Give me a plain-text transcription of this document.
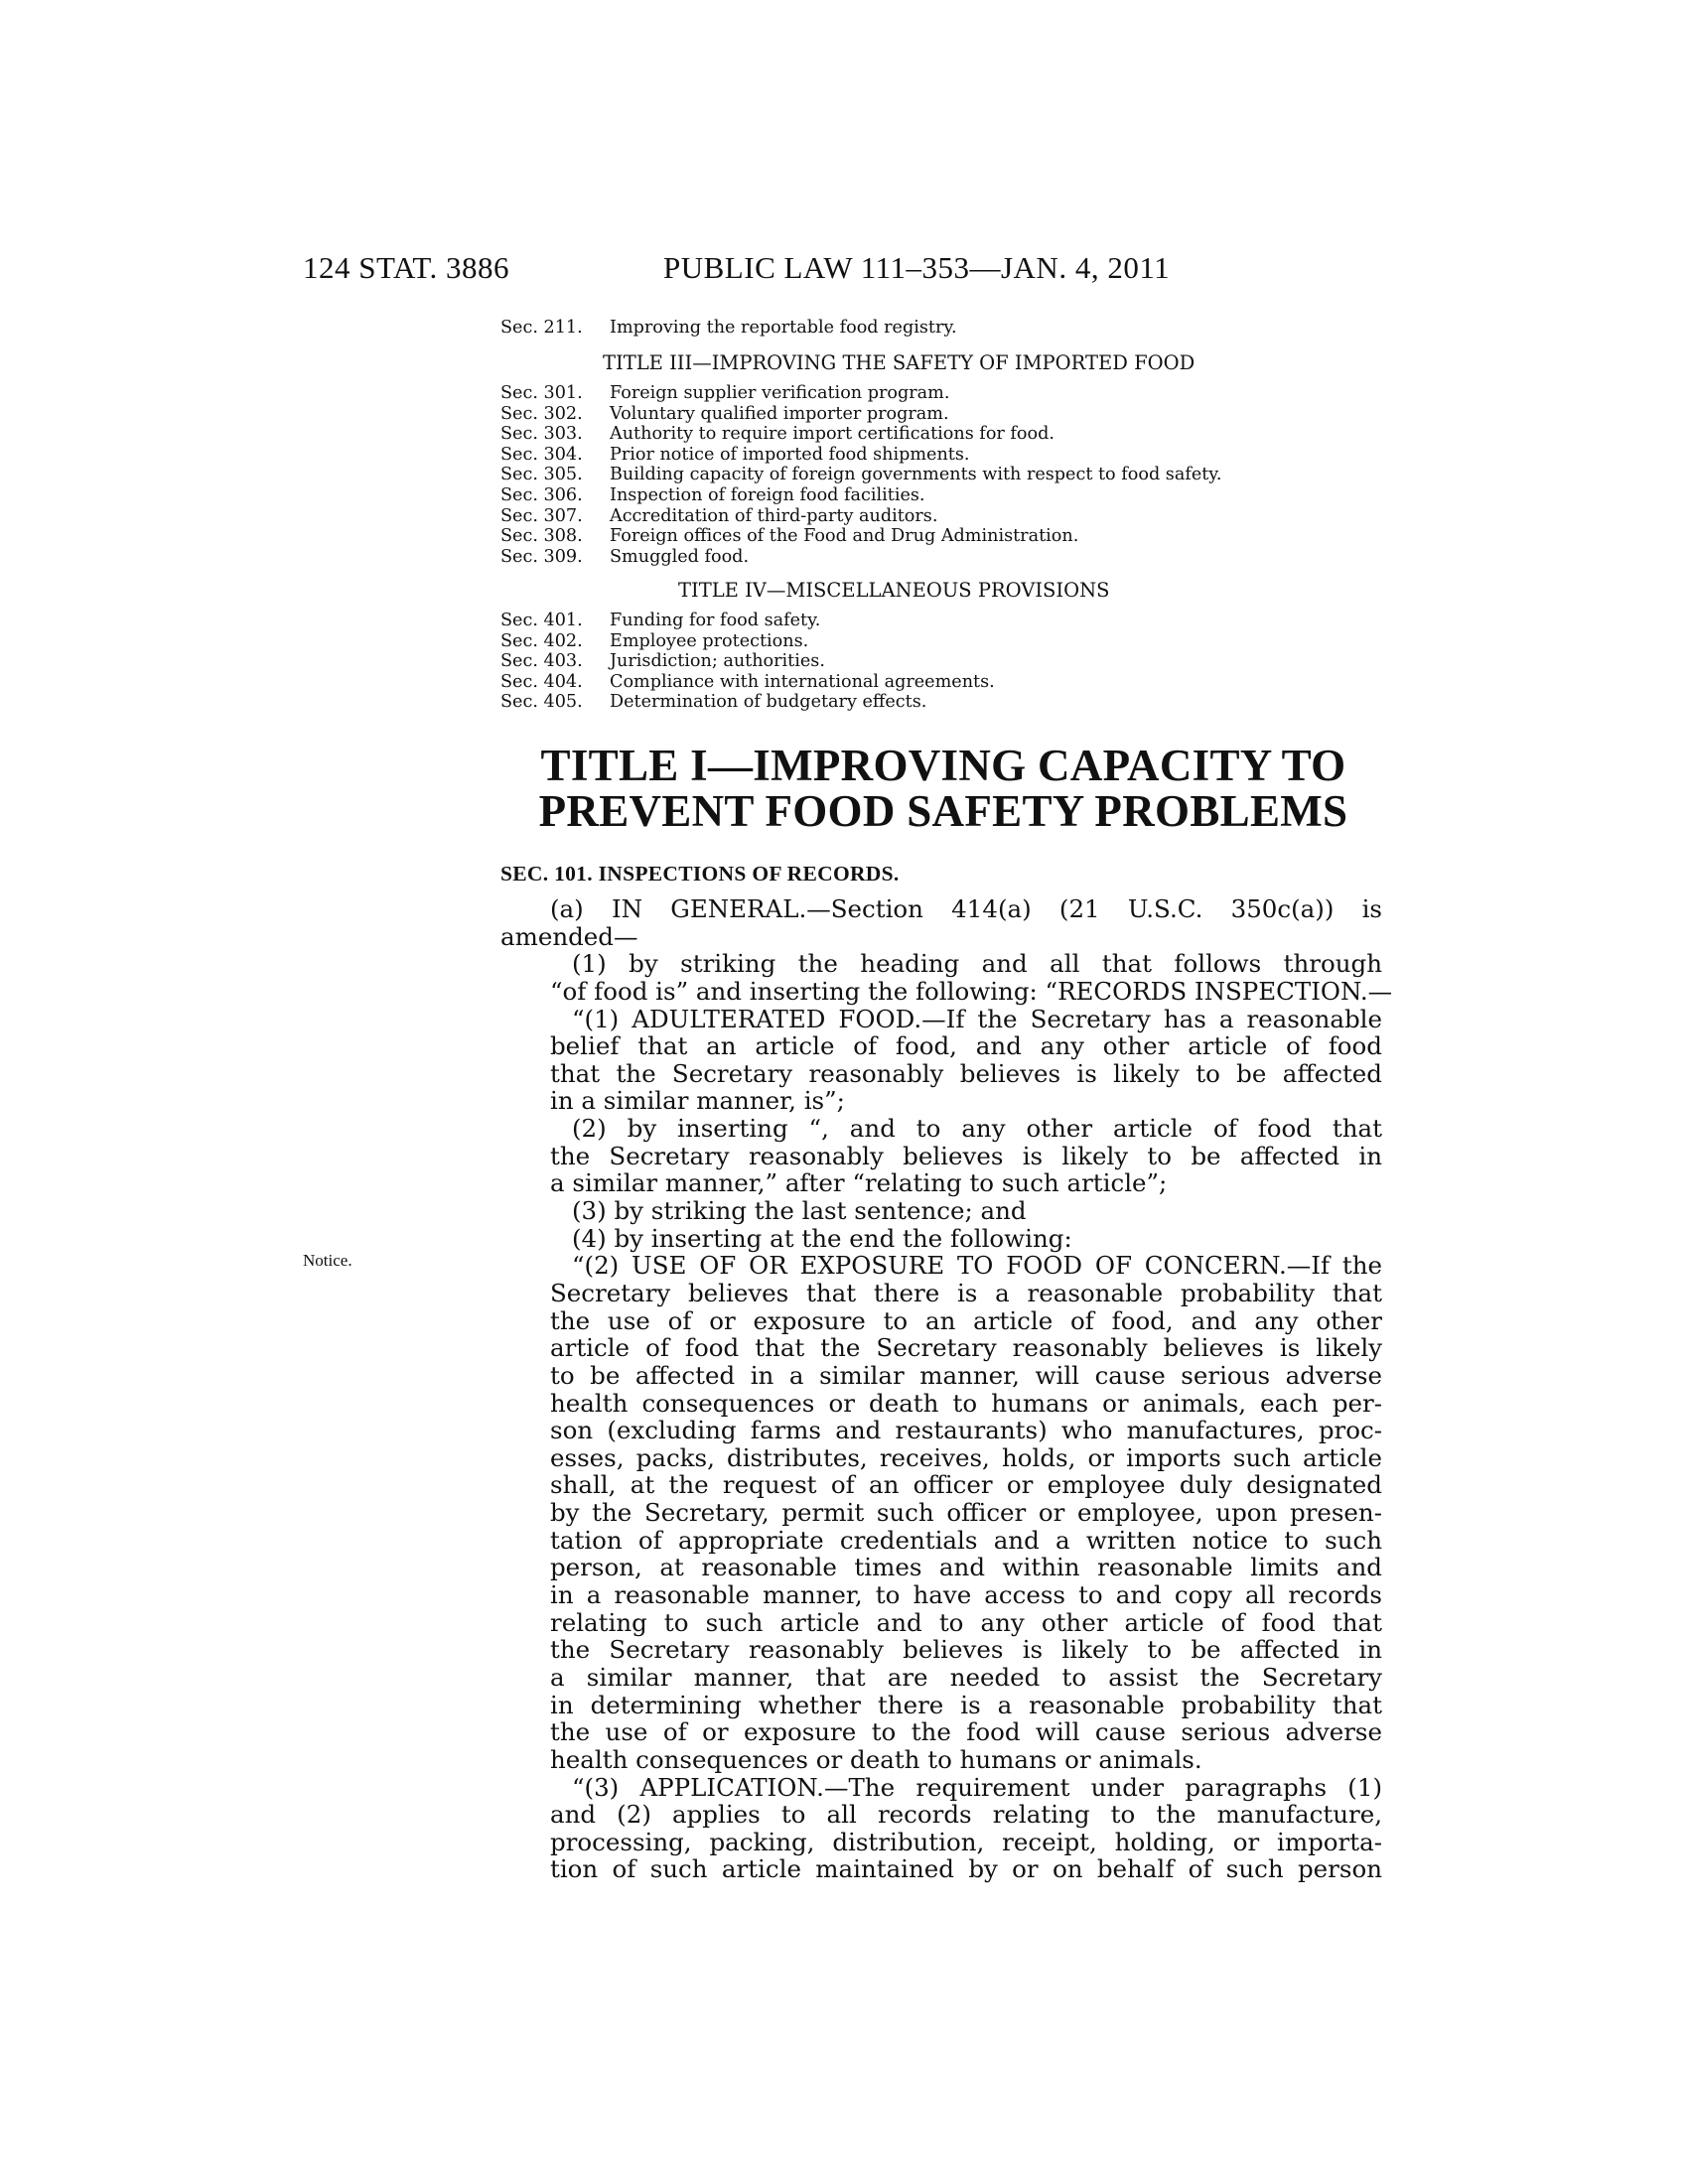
124 STAT. 3886	PUBLIC LAW 111–353—JAN. 4, 2011
Sec. 211.	Improving the reportable food registry.
TITLE III—IMPROVING THE SAFETY OF IMPORTED FOOD
Sec. 301.	Foreign supplier verification program.
Sec. 302.	Voluntary qualified importer program.
Sec. 303.	Authority to require import certifications for food.
Sec. 304.	Prior notice of imported food shipments.
Sec. 305.	Building capacity of foreign governments with respect to food safety.
Sec. 306.	Inspection of foreign food facilities.
Sec. 307.	Accreditation of third-party auditors.
Sec. 308.	Foreign offices of the Food and Drug Administration.
Sec. 309.	Smuggled food.
TITLE IV—MISCELLANEOUS PROVISIONS
Sec. 401.	Funding for food safety.
Sec. 402.	Employee protections.
Sec. 403.	Jurisdiction; authorities.
Sec. 404.	Compliance with international agreements.
Sec. 405.	Determination of budgetary effects.
TITLE I—IMPROVING CAPACITY TO
PREVENT FOOD SAFETY PROBLEMS
SEC. 101. INSPECTIONS OF RECORDS.
Notice.
(a) IN GENERAL.—Section 414(a) (21 U.S.C. 350c(a)) is
amended—
(1) by striking the heading and all that follows through
“of food is” and inserting the following: “RECORDS INSPECTION.—
“(1) ADULTERATED FOOD.—If the Secretary has a reasonable
belief that an article of food, and any other article of food
that the Secretary reasonably believes is likely to be affected
in a similar manner, is”;
(2) by inserting “, and to any other article of food that
the Secretary reasonably believes is likely to be affected in
a similar manner,” after “relating to such article”;
(3) by striking the last sentence; and
(4) by inserting at the end the following:
“(2) USE OF OR EXPOSURE TO FOOD OF CONCERN.—If the
Secretary believes that there is a reasonable probability that
the use of or exposure to an article of food, and any other
article of food that the Secretary reasonably believes is likely
to be affected in a similar manner, will cause serious adverse
health consequences or death to humans or animals, each per-
son (excluding farms and restaurants) who manufactures, proc-
esses, packs, distributes, receives, holds, or imports such article
shall, at the request of an officer or employee duly designated
by the Secretary, permit such officer or employee, upon presen-
tation of appropriate credentials and a written notice to such
person, at reasonable times and within reasonable limits and
in a reasonable manner, to have access to and copy all records
relating to such article and to any other article of food that
the Secretary reasonably believes is likely to be affected in
a similar manner, that are needed to assist the Secretary
in determining whether there is a reasonable probability that
the use of or exposure to the food will cause serious adverse
health consequences or death to humans or animals.
“(3) APPLICATION.—The requirement under paragraphs (1)
and (2) applies to all records relating to the manufacture,
processing, packing, distribution, receipt, holding, or importa-
tion of such article maintained by or on behalf of such person
